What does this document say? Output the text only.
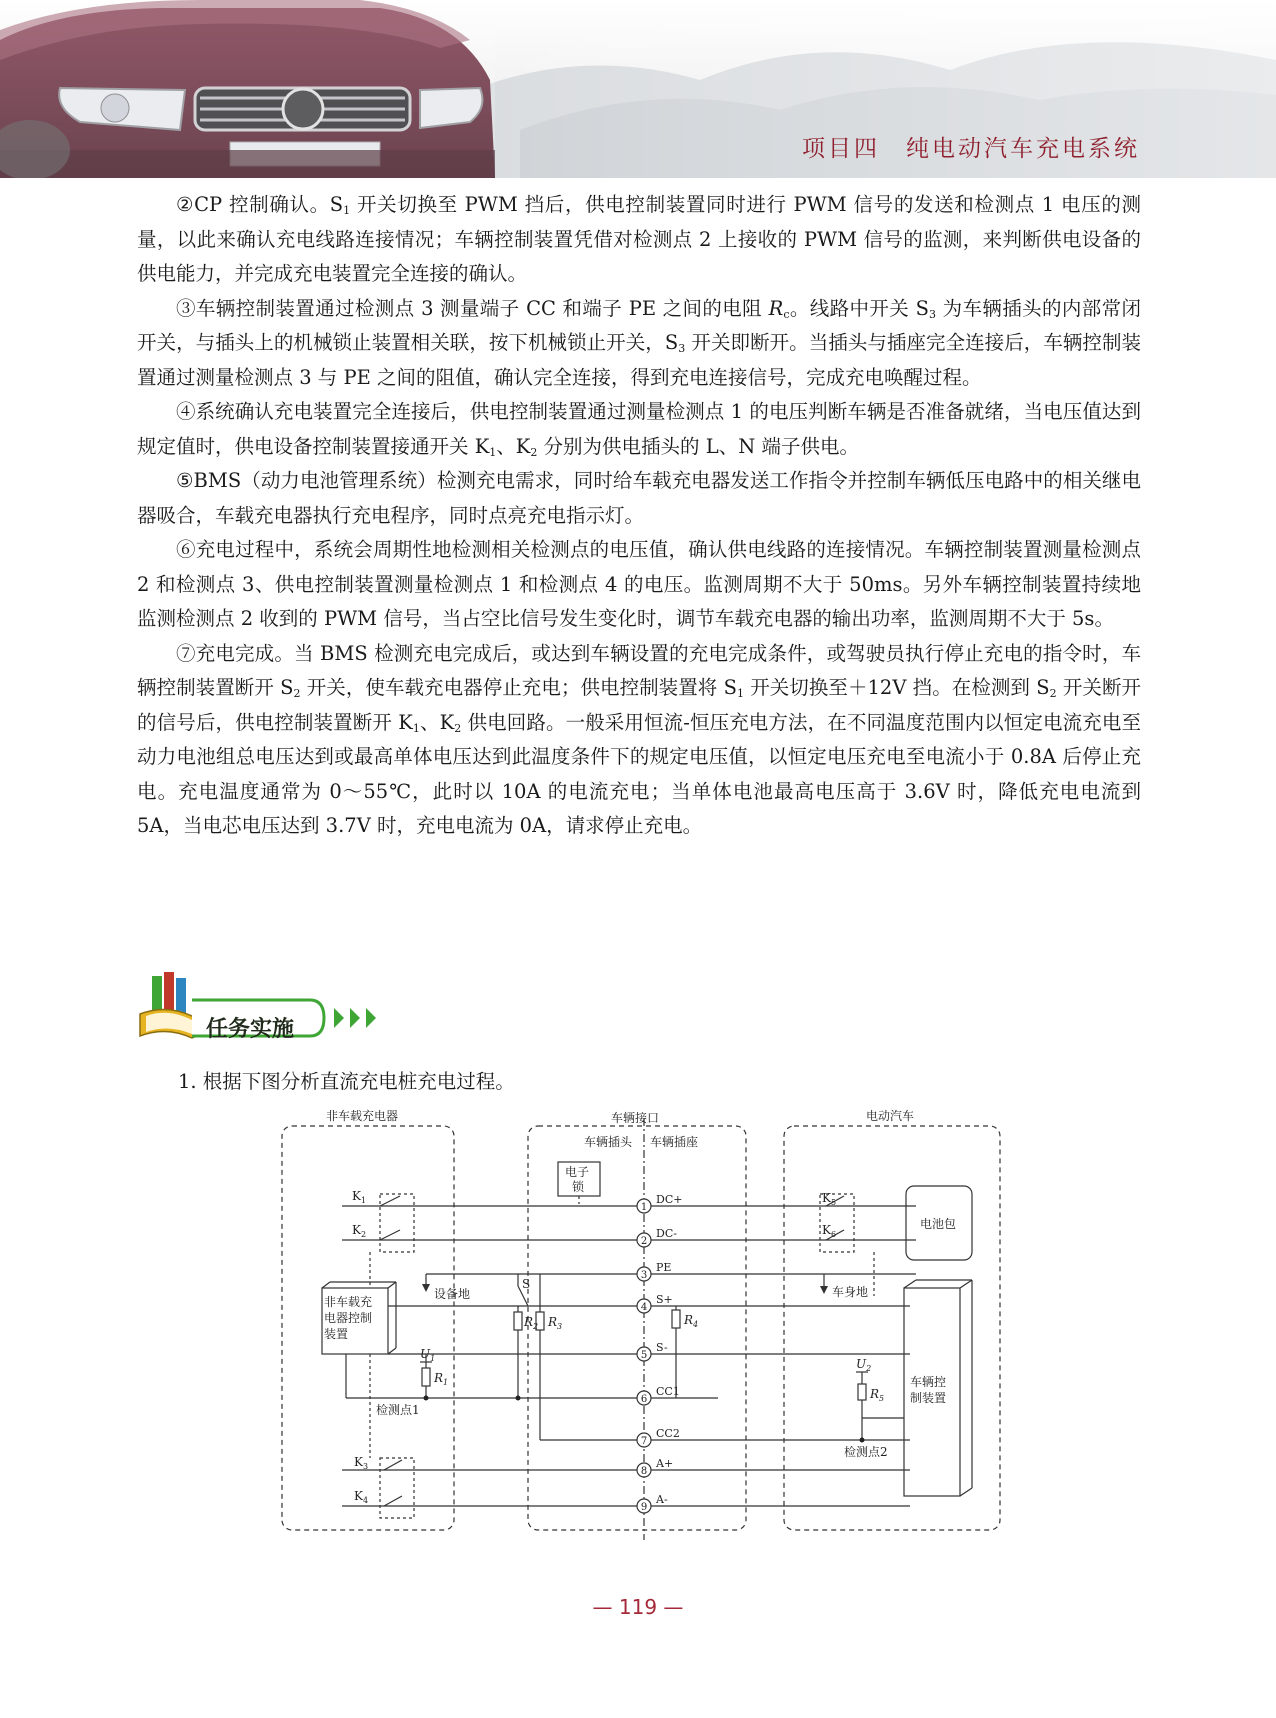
项目四　纯电动汽车充电系统

②CP 控制确认。$S_1$ 开关切换至 PWM 挡后，供电控制装置同时进行 PWM 信号的发送和检测点 1 电压的测量，以此来确认充电线路连接情况；车辆控制装置凭借对检测点 2 上接收的 PWM 信号的监测，来判断供电设备的供电能力，并完成充电装置完全连接的确认。

③车辆控制装置通过检测点 3 测量端子 CC 和端子 PE 之间的电阻 $R_c$。线路中开关 $S_3$ 为车辆插头的内部常闭开关，与插头上的机械锁止装置相关联，按下机械锁止开关，$S_3$ 开关即断开。当插头与插座完全连接后，车辆控制装置通过测量检测点 3 与 PE 之间的阻值，确认完全连接，得到充电连接信号，完成充电唤醒过程。

④系统确认充电装置完全连接后，供电控制装置通过测量检测点 1 的电压判断车辆是否准备就绪，当电压值达到规定值时，供电设备控制装置接通开关 $K_1$、$K_2$ 分别为供电插头的 L、N 端子供电。

⑤BMS（动力电池管理系统）检测充电需求，同时给车载充电器发送工作指令并控制车辆低压电路中的相关继电器吸合，车载充电器执行充电程序，同时点亮充电指示灯。

⑥充电过程中，系统会周期性地检测相关检测点的电压值，确认供电线路的连接情况。车辆控制装置测量检测点 2 和检测点 3、供电控制装置测量检测点 1 和检测点 4 的电压。监测周期不大于 50ms。另外车辆控制装置持续地监测检测点 2 收到的 PWM 信号，当占空比信号发生变化时，调节车载充电器的输出功率，监测周期不大于 5s。

⑦充电完成。当 BMS 检测充电完成后，或达到车辆设置的充电完成条件，或驾驶员执行停止充电的指令时，车辆控制装置断开 $S_2$ 开关，使车载充电器停止充电；供电控制装置将 $S_1$ 开关切换至＋12V 挡。在检测到 $S_2$ 开关断开的信号后，供电控制装置断开 $K_1$、$K_2$ 供电回路。一般采用恒流-恒压充电方法，在不同温度范围内以恒定电流充电至动力电池组总电压达到或最高单体电压达到此温度条件下的规定电压值，以恒定电压充电至电流小于 0.8A 后停止充电。充电温度通常为 0～55℃，此时以 10A 的电流充电；当单体电池最高电压高于 3.6V 时，降低充电电流到 5A，当电芯电压达到 3.7V 时，充电电流为 0A，请求停止充电。

任务实施
1. 根据下图分析直流充电桩充电过程。
1
DC+
2
DC-
3
PE
4
S+
5
S-
6
CC1
7
CC2
8
A+
9
A-
非车载充电器	车辆接口	电动汽车
车辆插头 车辆插座
电子
锁
电池包
非车载充
电器控制
装置
车辆控
制装置
设备地	车身地
检测点1
检测点2
S
$K_1$
$K_2$
$K_3$
$K_4$
$K_5$
$K_6$
$R_1$
$R_2$ $R_3$	$R_4$
$R_5$
$U_1$	$U_2$
— 119 —
